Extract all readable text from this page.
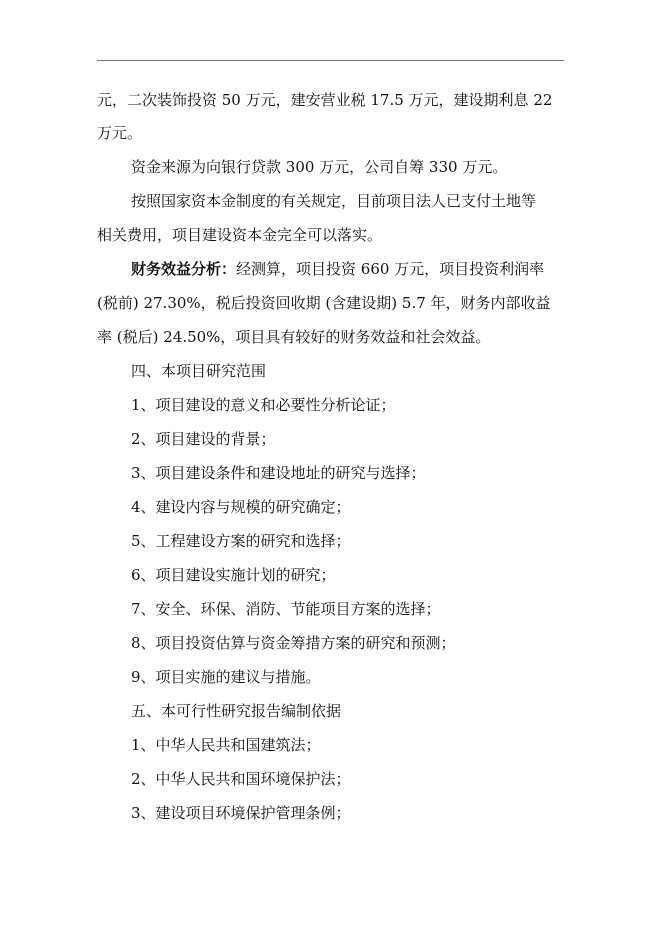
元，二次装饰投资 50 万元，建安营业税 17.5 万元，建设期利息 22
万元。
资金来源为向银行贷款 300 万元，公司自筹 330 万元。
按照国家资本金制度的有关规定，目前项目法人已支付土地等
相关费用，项目建设资本金完全可以落实。
财务效益分析：经测算，项目投资 660 万元，项目投资利润率
(税前) 27.30%，税后投资回收期 (含建设期) 5.7 年，财务内部收益
率 (税后) 24.50%，项目具有较好的财务效益和社会效益。
四、本项目研究范围
1、项目建设的意义和必要性分析论证；
2、项目建设的背景；
3、项目建设条件和建设地址的研究与选择；
4、建设内容与规模的研究确定；
5、工程建设方案的研究和选择；
6、项目建设实施计划的研究；
7、安全、环保、消防、节能项目方案的选择；
8、项目投资估算与资金筹措方案的研究和预测；
9、项目实施的建议与措施。
五、本可行性研究报告编制依据
1、中华人民共和国建筑法；
2、中华人民共和国环境保护法；
3、建设项目环境保护管理条例；
